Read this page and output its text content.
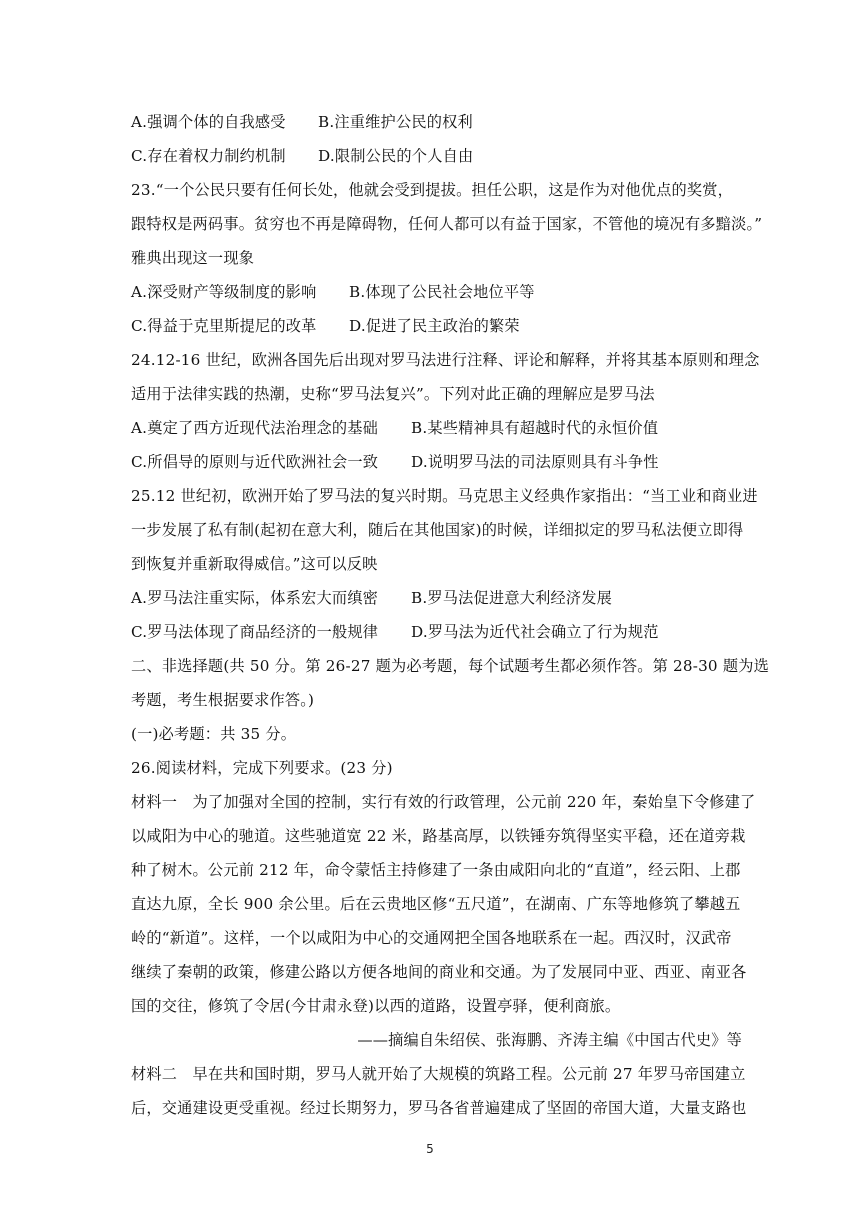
A.强调个体的自我感受 B.注重维护公民的权利
C.存在着权力制约机制 D.限制公民的个人自由
23.“一个公民只要有任何长处，他就会受到提拔。担任公职，这是作为对他优点的奖赏，
跟特权是两码事。贫穷也不再是障碍物，任何人都可以有益于国家，不管他的境况有多黯淡。”
雅典出现这一现象
A.深受财产等级制度的影响 B.体现了公民社会地位平等
C.得益于克里斯提尼的改革 D.促进了民主政治的繁荣
24.12-16 世纪，欧洲各国先后出现对罗马法进行注释、评论和解释，并将其基本原则和理念
适用于法律实践的热潮，史称“罗马法复兴”。下列对此正确的理解应是罗马法
A.奠定了西方近现代法治理念的基础 B.某些精神具有超越时代的永恒价值
C.所倡导的原则与近代欧洲社会一致 D.说明罗马法的司法原则具有斗争性
25.12 世纪初，欧洲开始了罗马法的复兴时期。马克思主义经典作家指出：“当工业和商业进
一步发展了私有制(起初在意大利，随后在其他国家)的时候，详细拟定的罗马私法便立即得
到恢复并重新取得威信。”这可以反映
A.罗马法注重实际，体系宏大而缜密 B.罗马法促进意大利经济发展
C.罗马法体现了商品经济的一般规律 D.罗马法为近代社会确立了行为规范
二、非选择题(共 50 分。第 26-27 题为必考题，每个试题考生都必须作答。第 28-30 题为选
考题，考生根据要求作答。)
(一)必考题：共 35 分。
26.阅读材料，完成下列要求。(23 分)
材料一　为了加强对全国的控制，实行有效的行政管理，公元前 220 年，秦始皇下令修建了
以咸阳为中心的驰道。这些驰道宽 22 米，路基高厚，以铁锤夯筑得坚实平稳，还在道旁栽
种了树木。公元前 212 年，命令蒙恬主持修建了一条由咸阳向北的“直道”，经云阳、上郡
直达九原，全长 900 余公里。后在云贵地区修“五尺道”，在湖南、广东等地修筑了攀越五
岭的“新道”。这样，一个以咸阳为中心的交通网把全国各地联系在一起。西汉时，汉武帝
继续了秦朝的政策，修建公路以方便各地间的商业和交通。为了发展同中亚、西亚、南亚各
国的交往，修筑了令居(今甘肃永登)以西的道路，设置亭驿，便利商旅。
——摘编自朱绍侯、张海鹏、齐涛主编《中国古代史》等
材料二　早在共和国时期，罗马人就开始了大规模的筑路工程。公元前 27 年罗马帝国建立
后，交通建设更受重视。经过长期努力，罗马各省普遍建成了坚固的帝国大道，大量支路也
5
